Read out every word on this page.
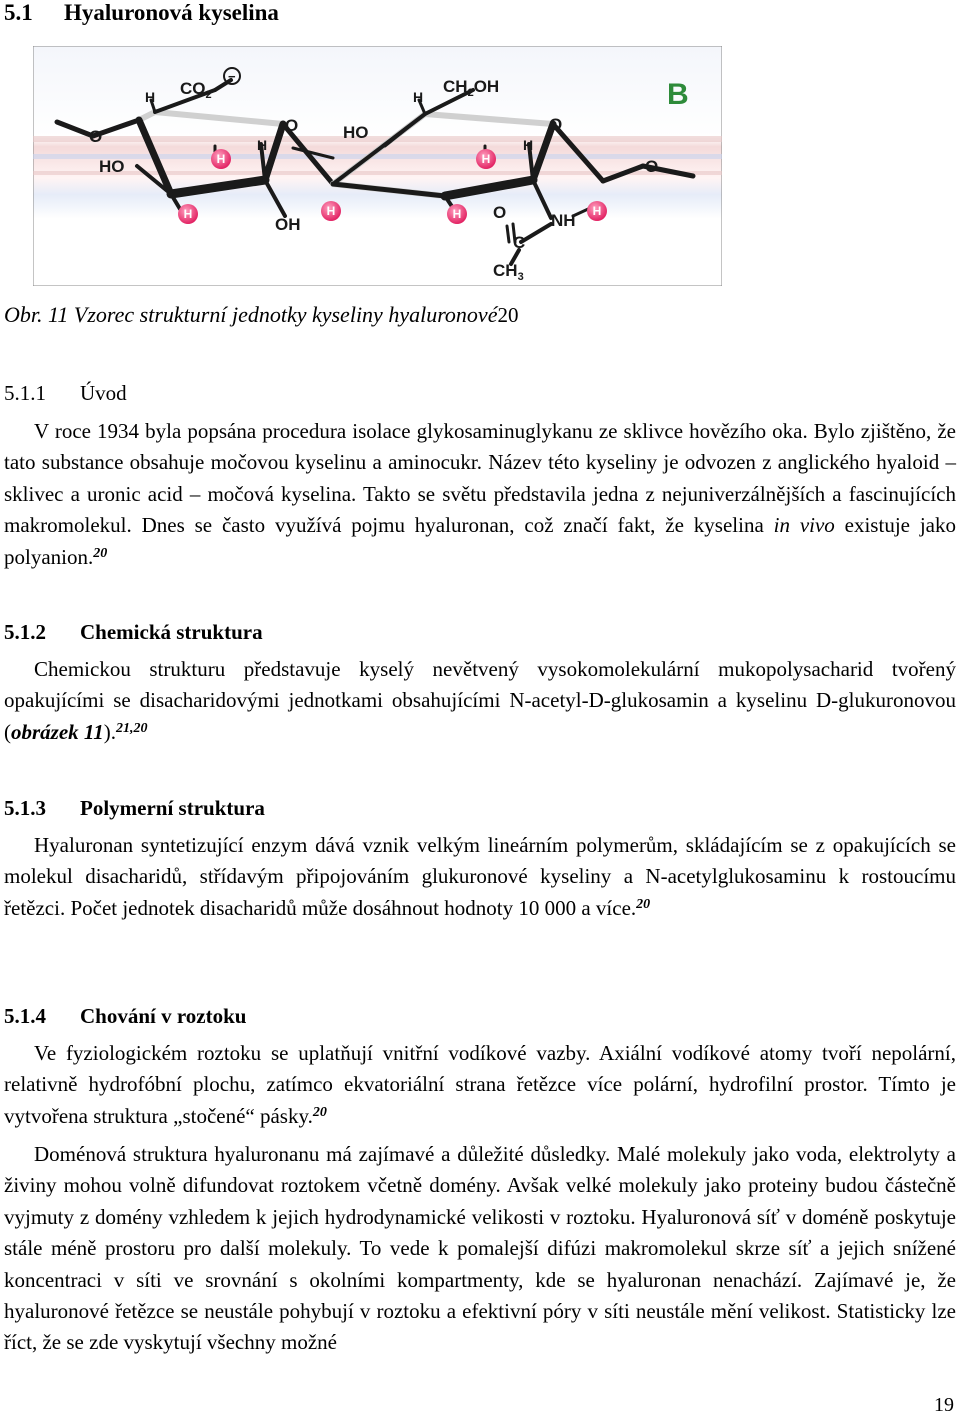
5.1 Hyaluronová kyselina
$CO_2$
−
$CH_2OH$
H	H
O
O	O
O
HO
HO
H	H
OH
O
C
NH
$CH_3$
H
H	H
H
H	H
B
Obr. 11 Vzorec strukturní jednotky kyseliny hyaluronové20
5.1.1 Úvod
V roce 1934 byla popsána procedura isolace glykosaminuglykanu ze sklivce hovězího oka. Bylo zjištěno, že tato substance obsahuje močovou kyselinu a aminocukr. Název této kyseliny je odvozen z anglického hyaloid – sklivec a uronic acid – močová kyselina. Takto se světu představila jedna z nejuniverzálnějších a fascinujících makromolekul. Dnes se často využívá pojmu hyaluronan, což značí fakt, že kyselina in vivo existuje jako polyanion.$^{20}$
5.1.2 Chemická struktura
Chemickou strukturu představuje kyselý nevětvený vysokomolekulární mukopolysacharid tvořený opakujícími se disacharidovými jednotkami obsahujícími N-acetyl-D-glukosamin a kyselinu D-glukuronovou (obrázek 11).$^{21,20}$
5.1.3 Polymerní struktura
Hyaluronan syntetizující enzym dává vznik velkým lineárním polymerům, skládajícím se z opakujících se molekul disacharidů, střídavým připojováním glukuronové kyseliny a N-acetylglukosaminu k rostoucímu řetězci. Počet jednotek disacharidů může dosáhnout hodnoty 10 000 a více.$^{20}$
5.1.4 Chování v roztoku
Ve fyziologickém roztoku se uplatňují vnitřní vodíkové vazby. Axiální vodíkové atomy tvoří nepolární, relativně hydrofóbní plochu, zatímco ekvatoriální strana řetězce více polární, hydrofilní prostor. Tímto je vytvořena struktura „stočené“ pásky.$^{20}$
Doménová struktura hyaluronanu má zajímavé a důležité důsledky. Malé molekuly jako voda, elektrolyty a živiny mohou volně difundovat roztokem včetně domény. Avšak velké molekuly jako proteiny budou částečně vyjmuty z domény vzhledem k jejich hydrodynamické velikosti v roztoku. Hyaluronová síť v doméně poskytuje stále méně prostoru pro další molekuly. To vede k pomalejší difúzi makromolekul skrze síť a jejich snížené koncentraci v síti ve srovnání s okolními kompartmenty, kde se hyaluronan nenachází. Zajímavé je, že hyaluronové řetězce se neustále pohybují v roztoku a efektivní póry v síti neustále mění velikost. Statisticky lze říct, že se zde vyskytují všechny možné
19
